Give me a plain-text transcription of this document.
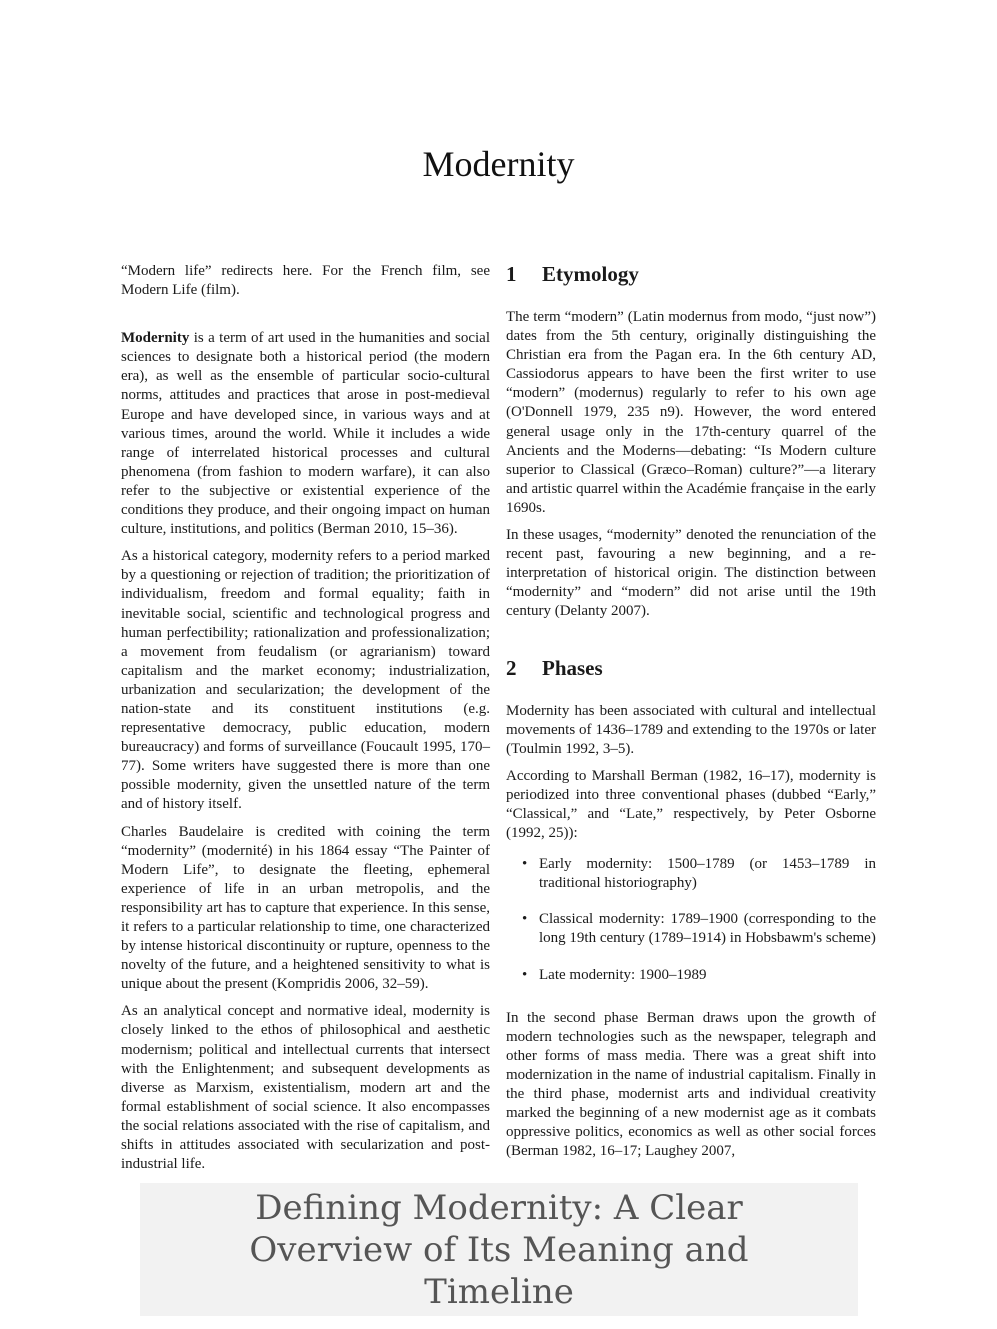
Modernity

“Modern life” redirects here. For the French film, see Modern Life (film).

Modernity is a term of art used in the humanities and social sciences to designate both a historical period (the modern era), as well as the ensemble of particular socio-cultural norms, attitudes and practices that arose in post-medieval Europe and have developed since, in various ways and at various times, around the world. While it includes a wide range of interrelated historical processes and cultural phenomena (from fashion to modern warfare), it can also refer to the subjective or existential experience of the conditions they produce, and their ongoing impact on human culture, institutions, and politics (Berman 2010, 15–36).

As a historical category, modernity refers to a period marked by a questioning or rejection of tradition; the prioritization of individualism, freedom and formal equality; faith in inevitable social, scientific and technological progress and human perfectibility; rationalization and professionalization; a movement from feudalism (or agrarianism) toward capitalism and the market economy; industrialization, urbanization and secularization; the development of the nation-state and its constituent institutions (e.g. representative democracy, public education, modern bureaucracy) and forms of surveillance (Foucault 1995, 170–77). Some writers have suggested there is more than one possible modernity, given the unsettled nature of the term and of history itself.

Charles Baudelaire is credited with coining the term “modernity” (modernité) in his 1864 essay “The Painter of Modern Life”, to designate the fleeting, ephemeral experience of life in an urban metropolis, and the responsibility art has to capture that experience. In this sense, it refers to a particular relationship to time, one characterized by intense historical discontinuity or rupture, openness to the novelty of the future, and a heightened sensitivity to what is unique about the present (Kompridis 2006, 32–59).

As an analytical concept and normative ideal, modernity is closely linked to the ethos of philosophical and aesthetic modernism; political and intellectual currents that intersect with the Enlightenment; and subsequent developments as diverse as Marxism, existentialism, modern art and the formal establishment of social science. It also encompasses the social relations associated with the rise of capitalism, and shifts in attitudes associated with secularization and post-industrial life.

1 Etymology

The term “modern” (Latin modernus from modo, “just now”) dates from the 5th century, originally distinguishing the Christian era from the Pagan era. In the 6th century AD, Cassiodorus appears to have been the first writer to use “modern” (modernus) regularly to refer to his own age (O'Donnell 1979, 235 n9). However, the word entered general usage only in the 17th-century quarrel of the Ancients and the Moderns—debating: “Is Modern culture superior to Classical (Græco–Roman) culture?”—a literary and artistic quarrel within the Académie française in the early 1690s.

In these usages, “modernity” denoted the renunciation of the recent past, favouring a new beginning, and a re-interpretation of historical origin. The distinction between “modernity” and “modern” did not arise until the 19th century (Delanty 2007).

2 Phases

Modernity has been associated with cultural and intellectual movements of 1436–1789 and extending to the 1970s or later (Toulmin 1992, 3–5).

According to Marshall Berman (1982, 16–17), modernity is periodized into three conventional phases (dubbed “Early,” “Classical,” and “Late,” respectively, by Peter Osborne (1992, 25)):

• Early modernity: 1500–1789 (or 1453–1789 in traditional historiography)
• Classical modernity: 1789–1900 (corresponding to the long 19th century (1789–1914) in Hobsbawm's scheme)
• Late modernity: 1900–1989

In the second phase Berman draws upon the growth of modern technologies such as the newspaper, telegraph and other forms of mass media. There was a great shift into modernization in the name of industrial capitalism. Finally in the third phase, modernist arts and individual creativity marked the beginning of a new modernist age as it combats oppressive politics, economics as well as other social forces (Berman 1982, 16–17; Laughey 2007,

Defining Modernity: A Clear Overview of Its Meaning and Timeline
